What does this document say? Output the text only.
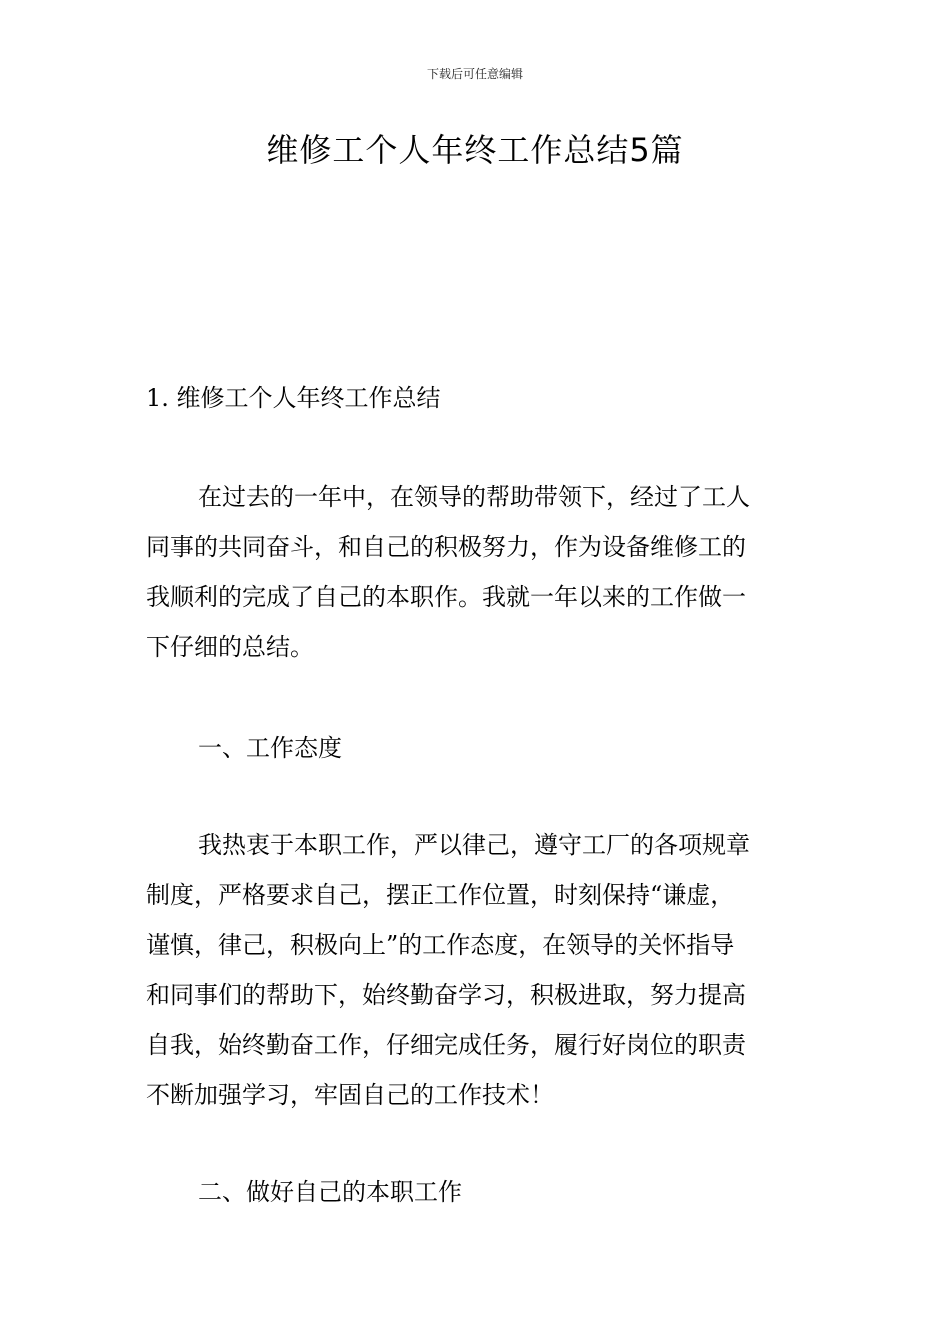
下载后可任意编辑
维修工个人年终工作总结5篇
1. 维修工个人年终工作总结
在过去的一年中，在领导的帮助带领下，经过了工人
同事的共同奋斗，和自己的积极努力，作为设备维修工的
我顺利的完成了自己的本职作。我就一年以来的工作做一
下仔细的总结。
一、工作态度
我热衷于本职工作，严以律己，遵守工厂的各项规章
制度，严格要求自己，摆正工作位置，时刻保持“谦虚，
谨慎，律己，积极向上”的工作态度，在领导的关怀指导
和同事们的帮助下，始终勤奋学习，积极进取，努力提高
自我，始终勤奋工作，仔细完成任务，履行好岗位的职责
不断加强学习，牢固自己的工作技术！
二、做好自己的本职工作
